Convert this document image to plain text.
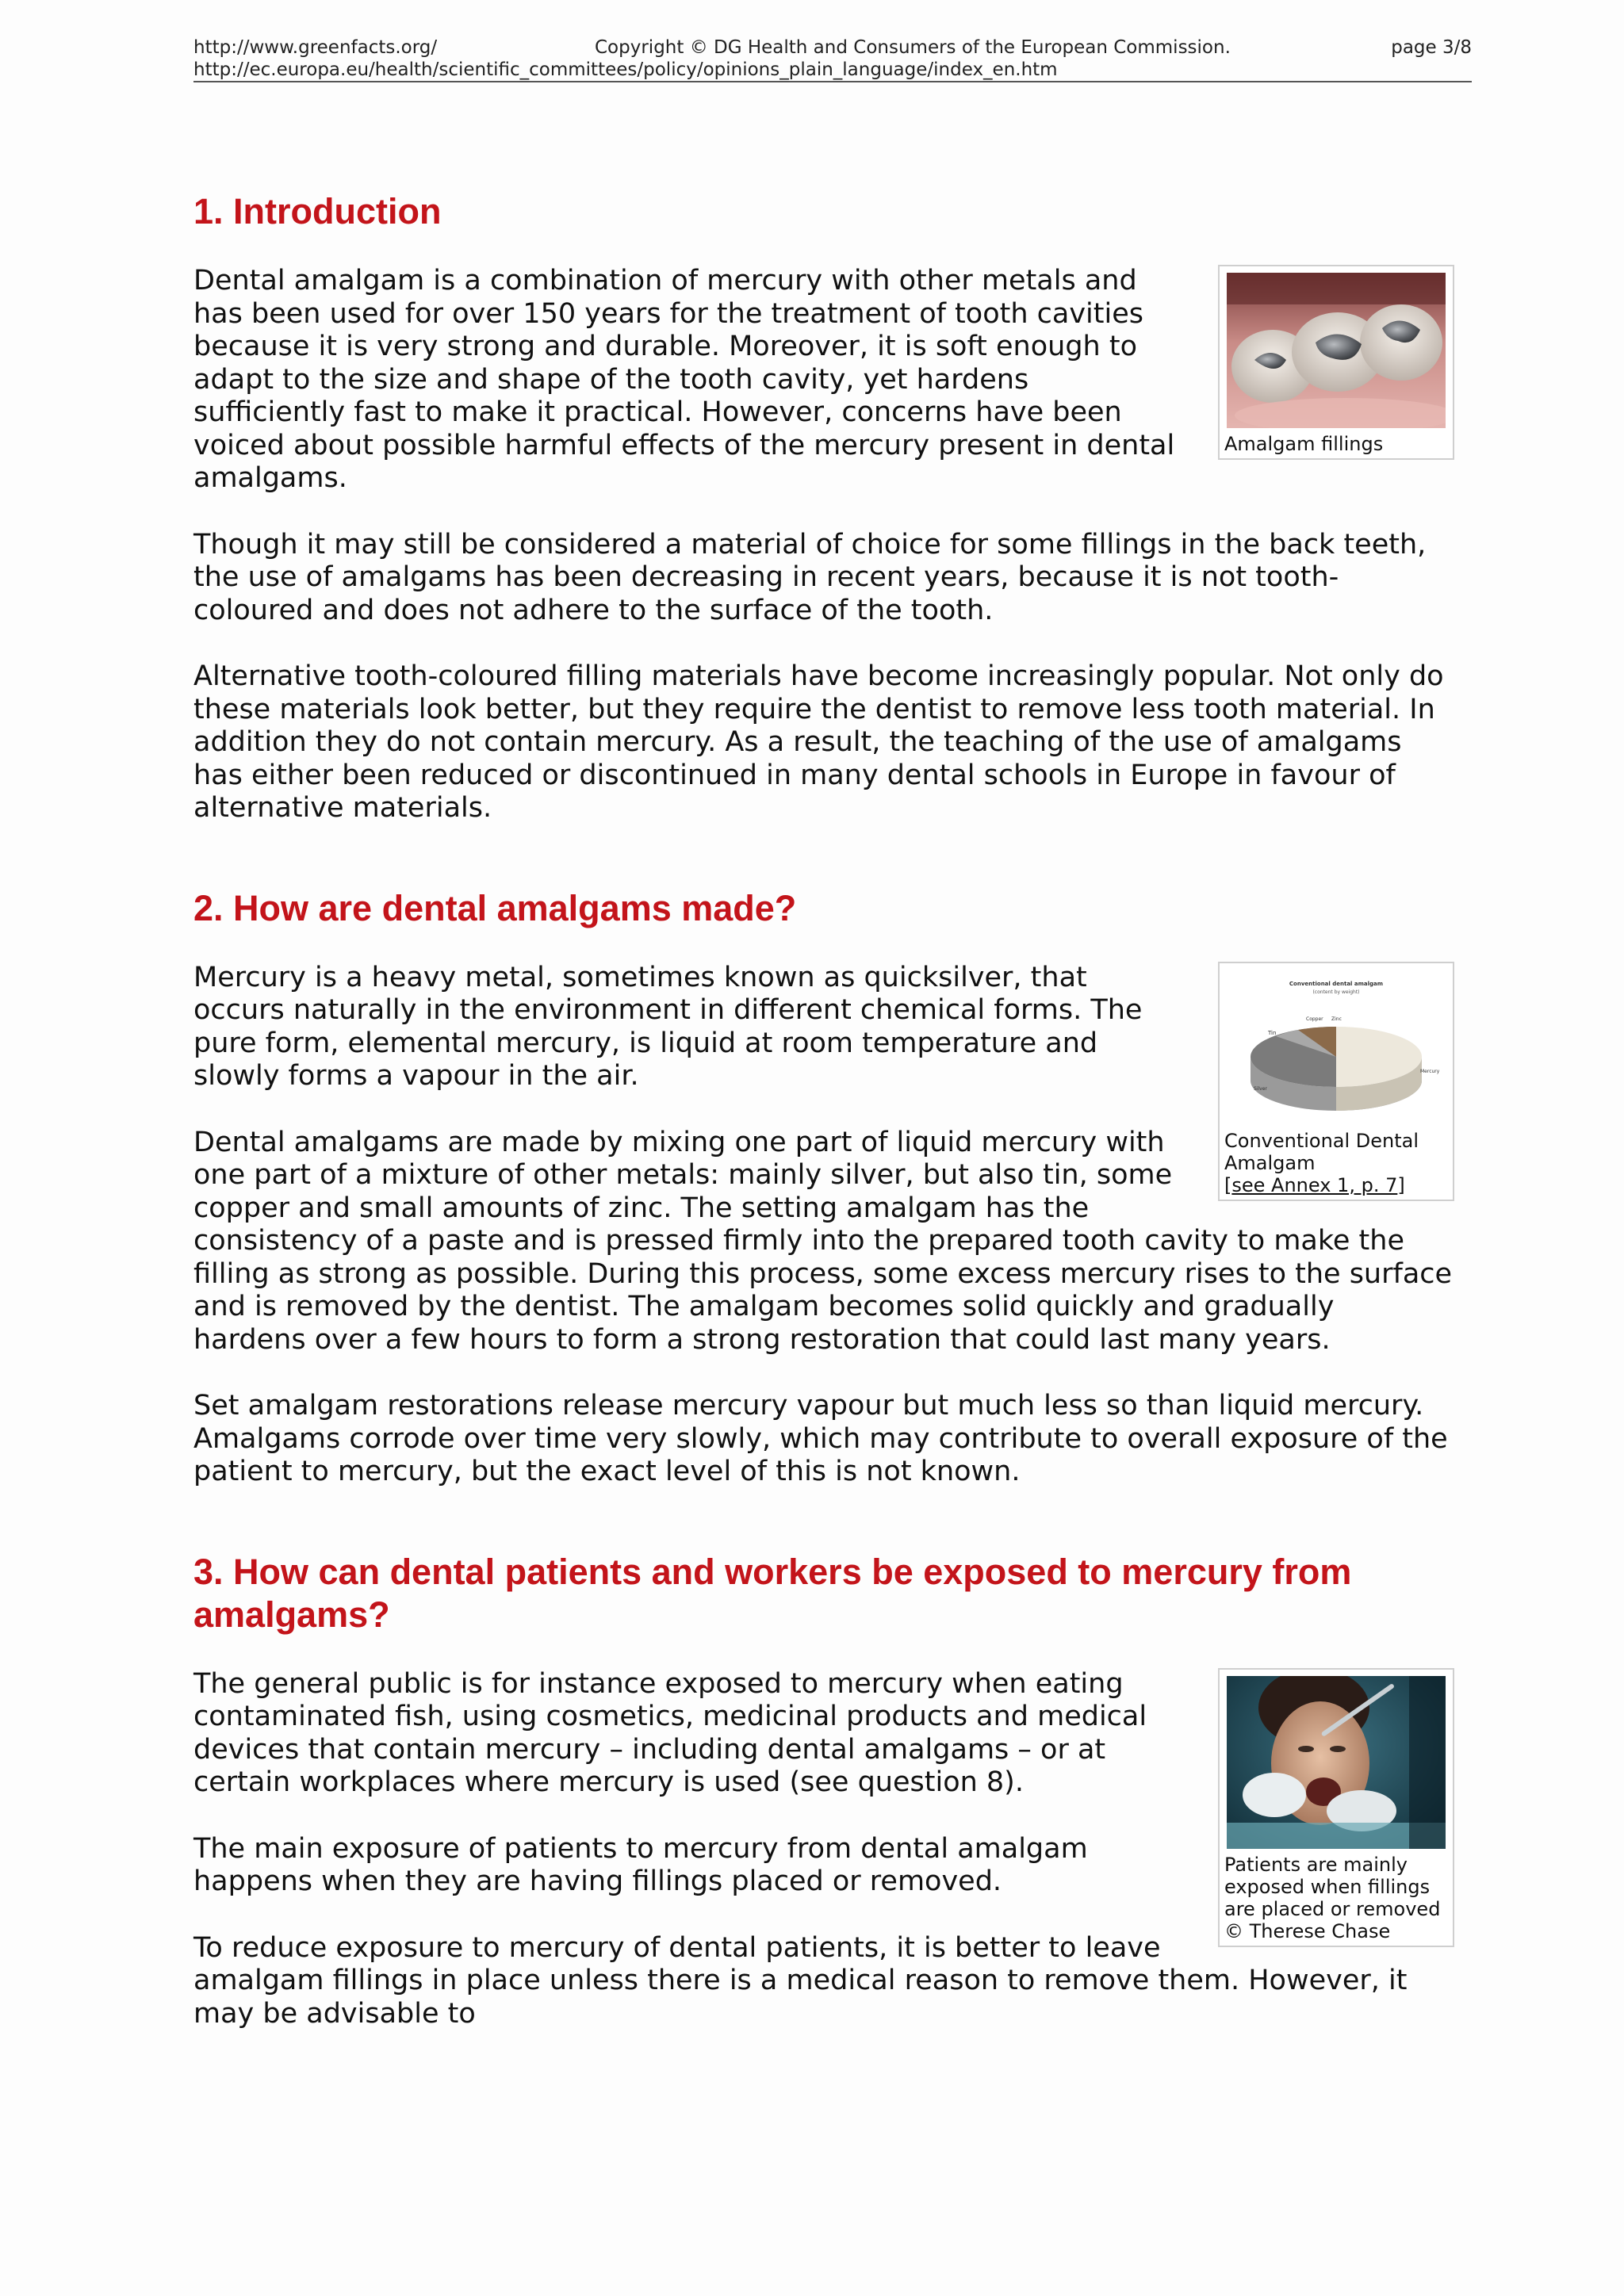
http://www.greenfacts.org/	Copyright © DG Health and Consumers of the European Commission.	page 3/8
http://ec.europa.eu/health/scientific_committees/policy/opinions_plain_language/index_en.htm
1. Introduction
Amalgam fillings

Dental amalgam is a combination of mercury with other metals and has been used for over 150 years for the treatment of tooth cavities because it is very strong and durable. Moreover, it is soft enough to adapt to the size and shape of the tooth cavity, yet hardens sufficiently fast to make it practical. However, concerns have been voiced about possible harmful effects of the mercury present in dental amalgams.

Though it may still be considered a material of choice for some fillings in the back teeth, the use of amalgams has been decreasing in recent years, because it is not tooth-coloured and does not adhere to the surface of the tooth.

Alternative tooth-coloured filling materials have become increasingly popular. Not only do these materials look better, but they require the dentist to remove less tooth material. In addition they do not contain mercury. As a result, the teaching of the use of amalgams has either been reduced or discontinued in many dental schools in Europe in favour of alternative materials.

2. How are dental amalgams made?
Conventional dental amalgam
(content by weight)
Tin
Copper Zinc
Mercury
Silver
Conventional Dental Amalgam
[see Annex 1, p. 7]

Mercury is a heavy metal, sometimes known as quicksilver, that occurs naturally in the environment in different chemical forms. The pure form, elemental mercury, is liquid at room temperature and slowly forms a vapour in the air.

Dental amalgams are made by mixing one part of liquid mercury with one part of a mixture of other metals: mainly silver, but also tin, some copper and small amounts of zinc. The setting amalgam has the consistency of a paste and is pressed firmly into the prepared tooth cavity to make the filling as strong as possible. During this process, some excess mercury rises to the surface and is removed by the dentist. The amalgam becomes solid quickly and gradually hardens over a few hours to form a strong restoration that could last many years.

Set amalgam restorations release mercury vapour but much less so than liquid mercury. Amalgams corrode over time very slowly, which may contribute to overall exposure of the patient to mercury, but the exact level of this is not known.

3. How can dental patients and workers be exposed to mercury from amalgams?
Patients are mainly exposed when fillings are placed or removed © Therese Chase

The general public is for instance exposed to mercury when eating contaminated fish, using cosmetics, medicinal products and medical devices that contain mercury – including dental amalgams – or at certain workplaces where mercury is used (see question 8).

The main exposure of patients to mercury from dental amalgam happens when they are having fillings placed or removed.

To reduce exposure to mercury of dental patients, it is better to leave amalgam fillings in place unless there is a medical reason to remove them. However, it may be advisable to
